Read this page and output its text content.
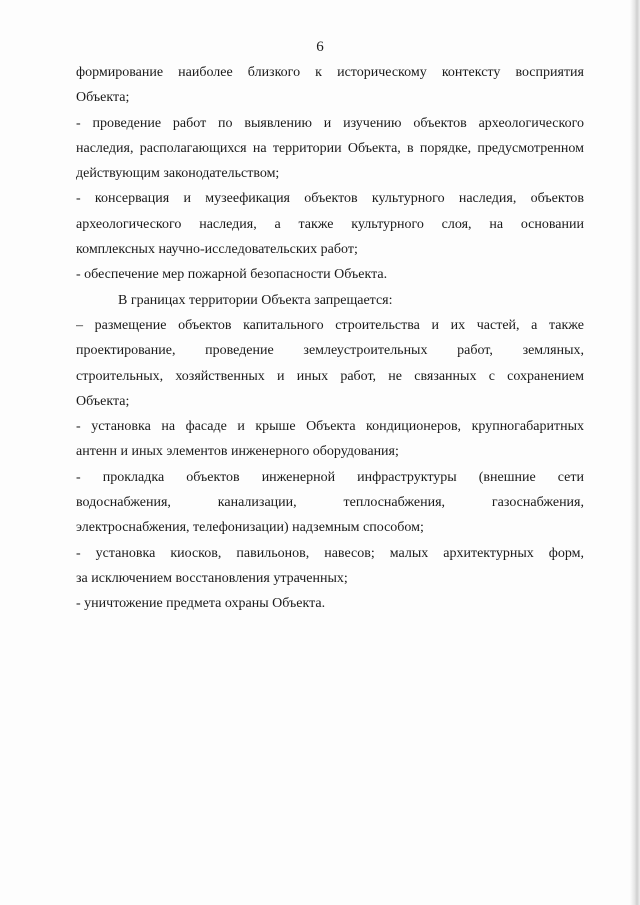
6
формирование наиболее близкого к историческому контексту восприятия
Объекта;
- проведение работ по выявлению и изучению объектов археологического
наследия, располагающихся на территории Объекта, в порядке, предусмотренном
действующим законодательством;
- консервация и музеефикация объектов культурного наследия, объектов
археологического наследия, а также культурного слоя, на основании
комплексных научно-исследовательских работ;
- обеспечение мер пожарной безопасности Объекта.
В границах территории Объекта запрещается:
– размещение объектов капитального строительства и их частей, а также
проектирование, проведение землеустроительных работ, земляных,
строительных, хозяйственных и иных работ, не связанных с сохранением
Объекта;
- установка на фасаде и крыше Объекта кондиционеров, крупногабаритных
антенн и иных элементов инженерного оборудования;
- прокладка объектов инженерной инфраструктуры (внешние сети
водоснабжения, канализации, теплоснабжения, газоснабжения,
электроснабжения, телефонизации) надземным способом;
- установка киосков, павильонов, навесов; малых архитектурных форм,
за исключением восстановления утраченных;
- уничтожение предмета охраны Объекта.
